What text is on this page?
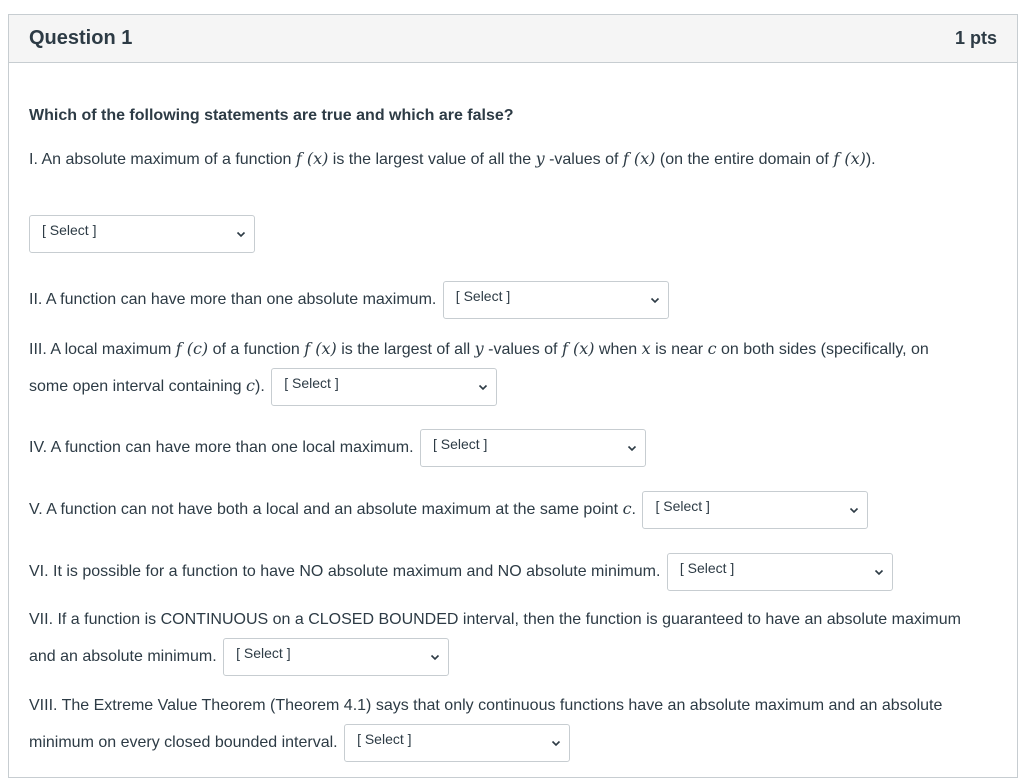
Question 1	1 pts
Which of the following statements are true and which are false?
I. An absolute maximum of a function f (x) is the largest value of all the y -values of f (x) (on the entire domain of f (x)).
[ Select ]
II. A function can have more than one absolute maximum. [ Select ]
III. A local maximum f (c) of a function f (x) is the largest of all y -values of f (x) when x is near c on both sides (specifically, on
some open interval containing c). [ Select ]
IV. A function can have more than one local maximum. [ Select ]
V. A function can not have both a local and an absolute maximum at the same point c. [ Select ]
VI. It is possible for a function to have NO absolute maximum and NO absolute minimum. [ Select ]
VII. If a function is CONTINUOUS on a CLOSED BOUNDED interval, then the function is guaranteed to have an absolute maximum
and an absolute minimum. [ Select ]
VIII. The Extreme Value Theorem (Theorem 4.1) says that only continuous functions have an absolute maximum and an absolute
minimum on every closed bounded interval. [ Select ]
